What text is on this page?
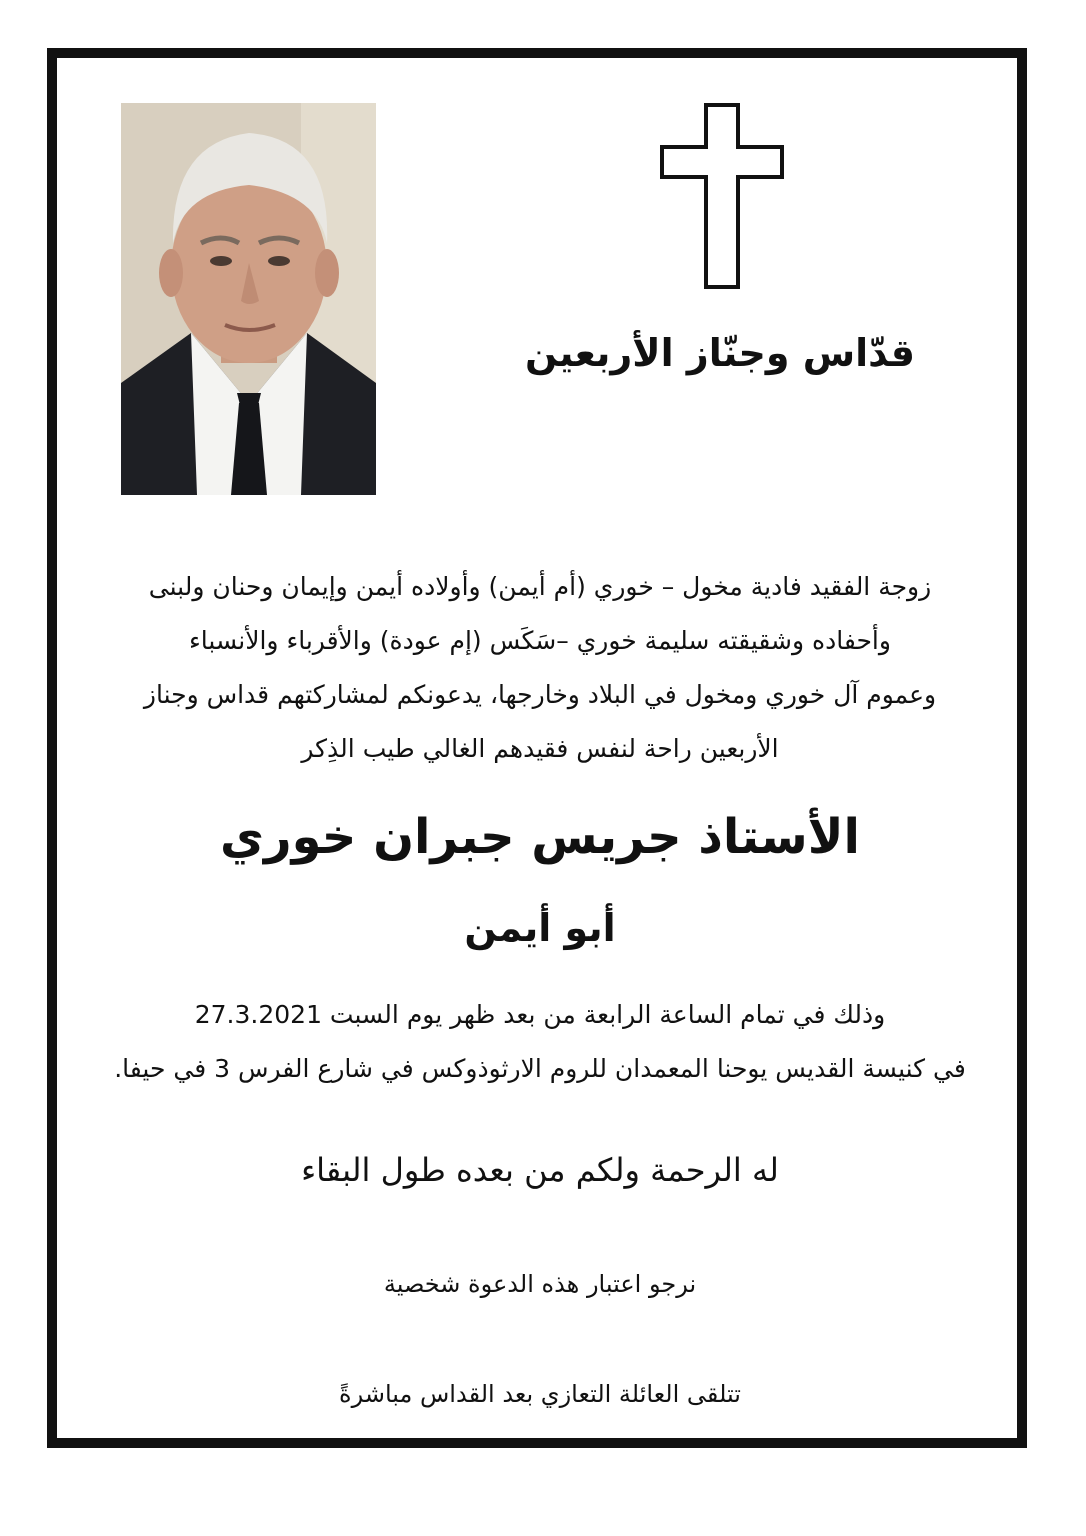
قدّاس وجنّاز الأربعين
زوجة الفقيد فادية مخول – خوري (أم أيمن) وأولاده أيمن وإيمان وحنان ولبنى
وأحفاده وشقيقته سليمة خوري –سَكَس (إم عودة) والأقرباء والأنسباء
وعموم آل خوري ومخول في البلاد وخارجها، يدعونكم لمشاركتهم قداس وجناز
الأربعين راحة لنفس فقيدهم الغالي طيب الذِكر
الأستاذ جريس جبران خوري
أبو أيمن
وذلك في تمام الساعة الرابعة من بعد ظهر يوم السبت 27.3.2021
في كنيسة القديس يوحنا المعمدان للروم الارثوذوكس في شارع الفرس 3 في حيفا.
له الرحمة ولكم من بعده طول البقاء
نرجو اعتبار هذه الدعوة شخصية
تتلقى العائلة التعازي بعد القداس مباشرةً
